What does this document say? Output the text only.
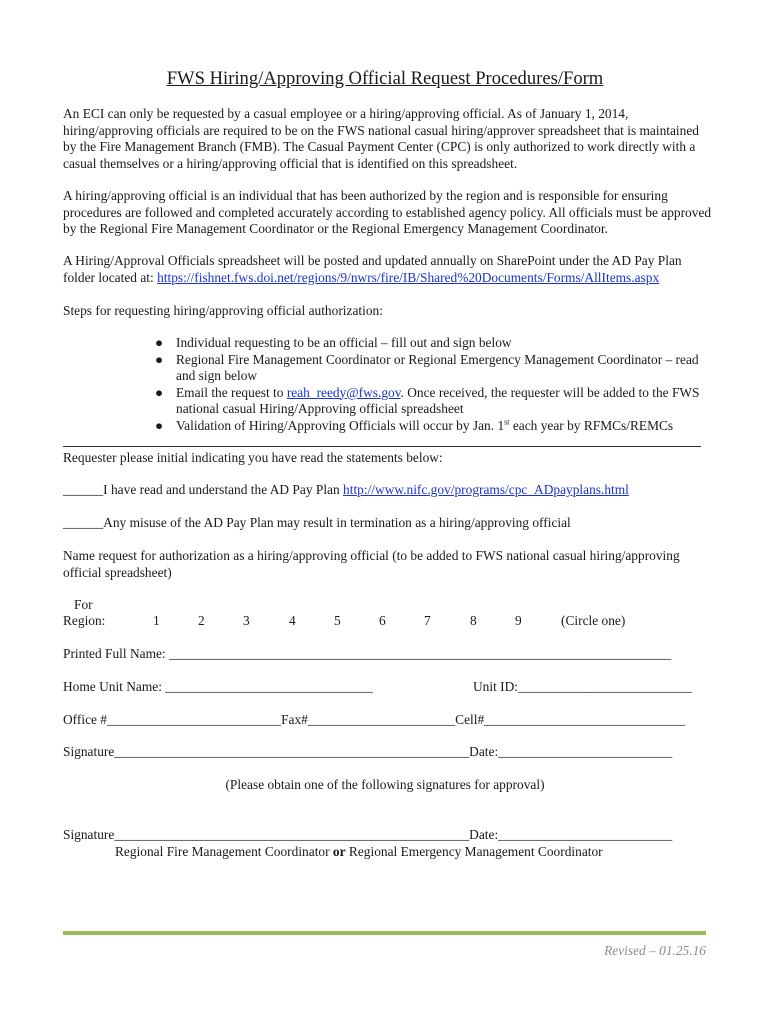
FWS Hiring/Approving Official Request Procedures/Form
An ECI can only be requested by a casual employee or a hiring/approving official. As of January 1, 2014, hiring/approving officials are required to be on the FWS national casual hiring/approver spreadsheet that is maintained by the Fire Management Branch (FMB). The Casual Payment Center (CPC) is only authorized to work directly with a casual themselves or a hiring/approving official that is identified on this spreadsheet.
A hiring/approving official is an individual that has been authorized by the region and is responsible for ensuring procedures are followed and completed accurately according to established agency policy. All officials must be approved by the Regional Fire Management Coordinator or the Regional Emergency Management Coordinator.
A Hiring/Approval Officials spreadsheet will be posted and updated annually on SharePoint under the AD Pay Plan folder located at: https://fishnet.fws.doi.net/regions/9/nwrs/fire/IB/Shared%20Documents/Forms/AllItems.aspx
Steps for requesting hiring/approving official authorization:
● Individual requesting to be an official – fill out and sign below
● Regional Fire Management Coordinator or Regional Emergency Management Coordinator – read and sign below
● Email the request to reah_reedy@fws.gov. Once received, the requester will be added to the FWS national casual Hiring/Approving official spreadsheet
● Validation of Hiring/Approving Officials will occur by Jan. 1st each year by RFMCs/REMCs
Requester please initial indicating you have read the statements below:
______I have read and understand the AD Pay Plan http://www.nifc.gov/programs/cpc_ADpayplans.html
______Any misuse of the AD Pay Plan may result in termination as a hiring/approving official
Name request for authorization as a hiring/approving official (to be added to FWS national casual hiring/approving official spreadsheet)
For
Region:	1	2	3	4	5	6	7	8	9	(Circle one)
Printed Full Name: ___________________________________________________________________________
Home Unit Name: _______________________________	Unit ID:__________________________
Office #__________________________Fax#______________________Cell#______________________________
Signature_____________________________________________________Date:__________________________
(Please obtain one of the following signatures for approval)
Signature_____________________________________________________Date:__________________________
Regional Fire Management Coordinator or Regional Emergency Management Coordinator
Revised – 01.25.16
